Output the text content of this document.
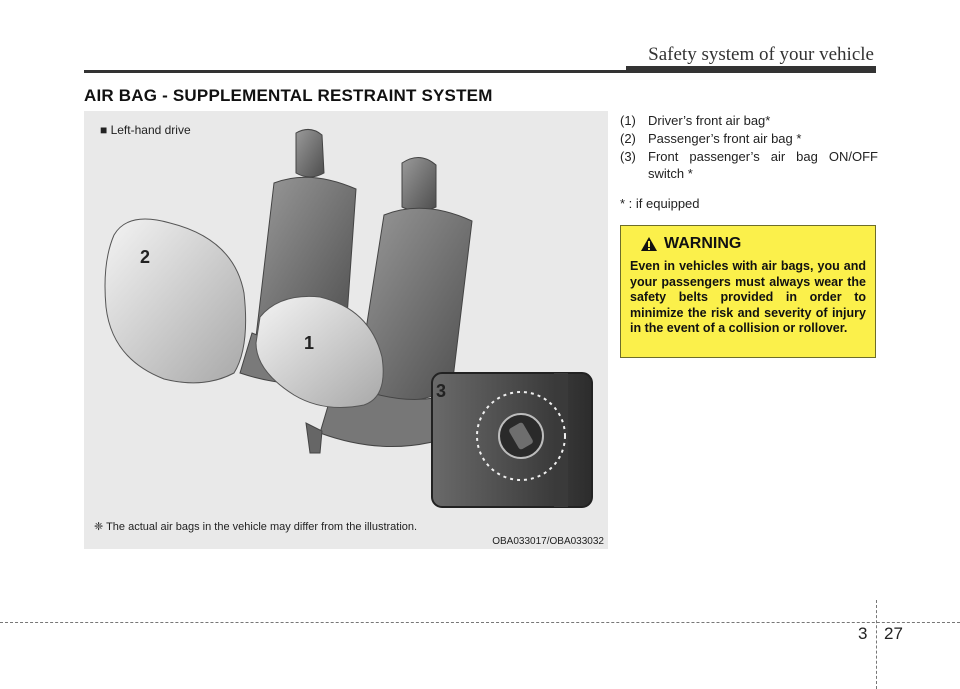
Safety system of your vehicle
AIR BAG - SUPPLEMENTAL RESTRAINT SYSTEM
2
1
3
■ Left-hand drive
❈ The actual air bags in the vehicle may differ from the illustration.
OBA033017/OBA033032
(1) Driver’s front air bag*
(2) Passenger’s front air bag *
(3) Front passenger’s air bag ON/OFF switch *
* : if equipped
WARNING
Even in vehicles with air bags, you and your passengers must always wear the safety belts provided in order to minimize the risk and severity of injury in the event of a collision or rollover.
3 27
